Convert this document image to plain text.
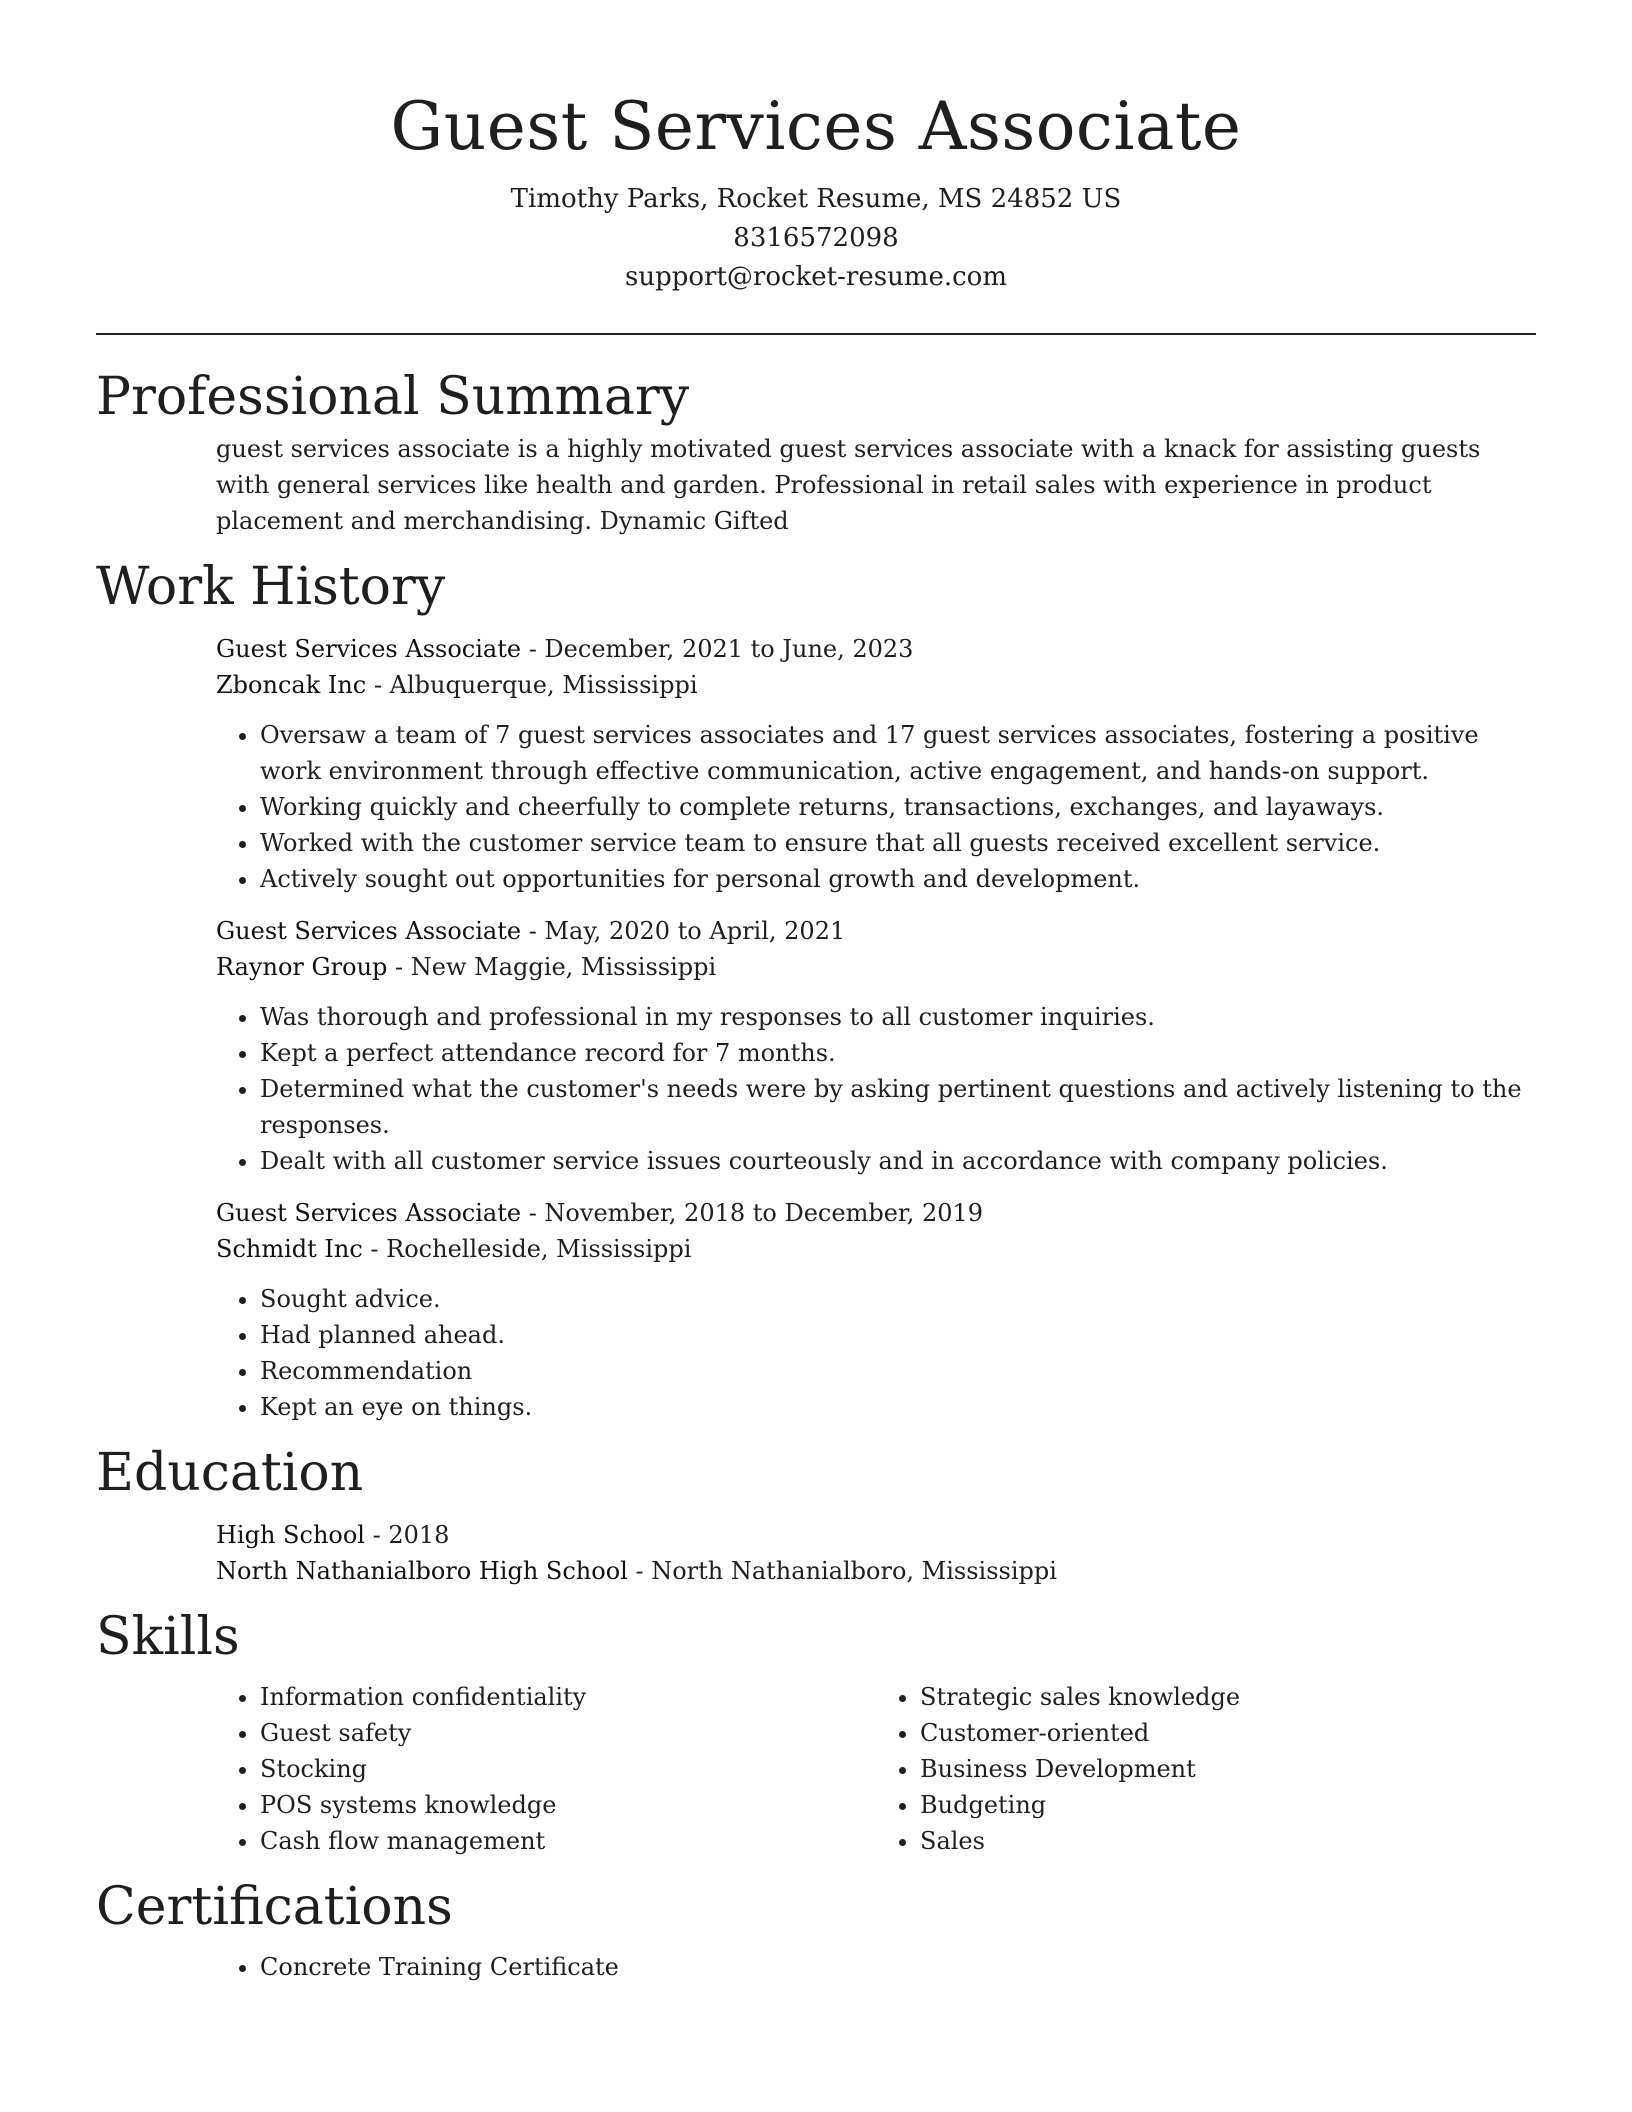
Guest Services Associate
Timothy Parks, Rocket Resume, MS 24852 US
8316572098
support@rocket-resume.com
Professional Summary

guest services associate is a highly motivated guest services associate with a knack for assisting guests with general services like health and garden. Professional in retail sales with experience in product placement and merchandising. Dynamic Gifted

Work History
Guest Services Associate - December, 2021 to June, 2023
Zboncak Inc - Albuquerque, Mississippi
• Oversaw a team of 7 guest services associates and 17 guest services associates, fostering a positive work environment through effective communication, active engagement, and hands-on support.
• Working quickly and cheerfully to complete returns, transactions, exchanges, and layaways.
• Worked with the customer service team to ensure that all guests received excellent service.
• Actively sought out opportunities for personal growth and development.
Guest Services Associate - May, 2020 to April, 2021
Raynor Group - New Maggie, Mississippi
• Was thorough and professional in my responses to all customer inquiries.
• Kept a perfect attendance record for 7 months.
• Determined what the customer's needs were by asking pertinent questions and actively listening to the responses.
• Dealt with all customer service issues courteously and in accordance with company policies.
Guest Services Associate - November, 2018 to December, 2019
Schmidt Inc - Rochelleside, Mississippi
• Sought advice.
• Had planned ahead.
• Recommendation
• Kept an eye on things.
Education
High School - 2018
North Nathanialboro High School - North Nathanialboro, Mississippi
Skills
• Information confidentiality
• Guest safety
• Stocking
• POS systems knowledge
• Cash flow management
• Strategic sales knowledge
• Customer-oriented
• Business Development
• Budgeting
• Sales
Certifications
• Concrete Training Certificate
